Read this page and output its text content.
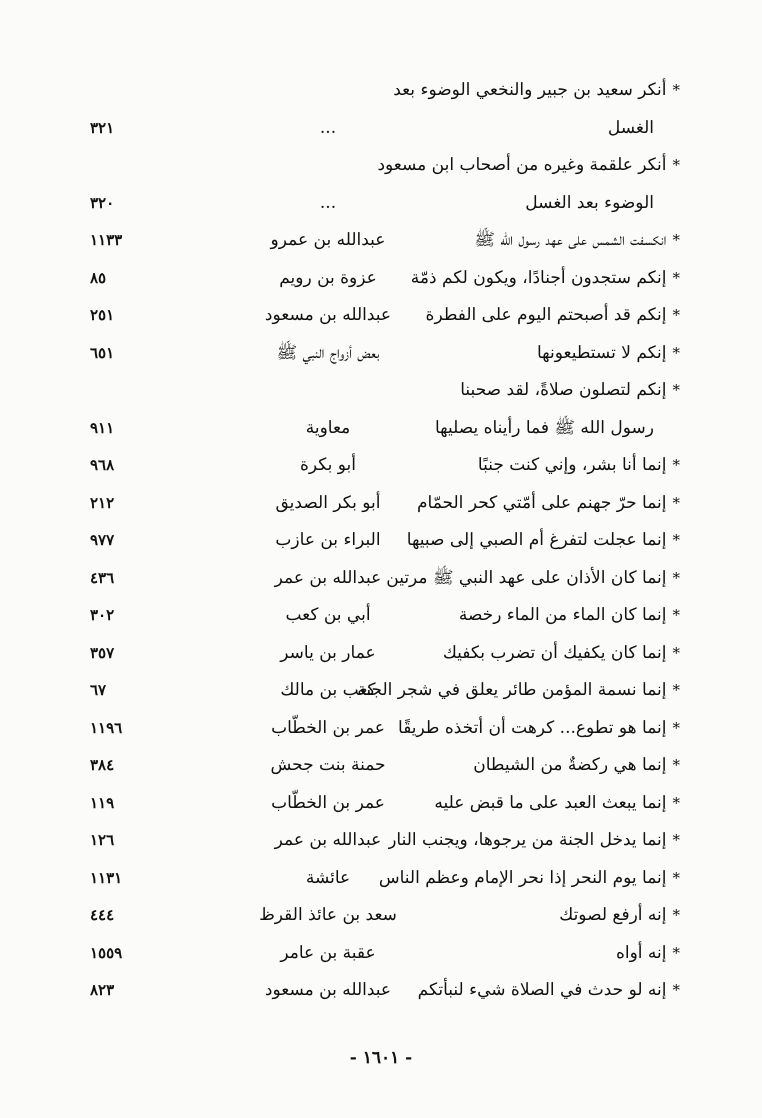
*أنكر سعيد بن جبير والنخعي الوضوء بعد
الغسل
...
٣٢١
*أنكر علقمة وغيره من أصحاب ابن مسعود
الوضوء بعد الغسل
...
٣٢٠
*انكسفت الشمس على عهد رسول الله ﷺ
عبدالله بن عمرو
١١٣٣
*إنكم ستجدون أجنادًا، ويكون لكم ذمّة
عزوة بن رويم
٨٥
*إنكم قد أصبحتم اليوم على الفطرة
عبدالله بن مسعود
٢٥١
*إنكم لا تستطيعونها
بعض أزواج النبي ﷺ
٦٥١
*إنكم لتصلون صلاةً، لقد صحبنا
رسول الله ﷺ فما رأيناه يصليها
معاوية
٩١١
*إنما أنا بشر، وإني كنت جنبًا
أبو بكرة
٩٦٨
*إنما حرّ جهنم على أمّتي كحر الحمّام
أبو بكر الصديق
٢١٢
*إنما عجلت لتفرغ أم الصبي إلى صبيها
البراء بن عازب
٩٧٧
*إنما كان الأذان على عهد النبي ﷺ مرتين
عبدالله بن عمر
٤٣٦
*إنما كان الماء من الماء رخصة
أبي بن كعب
٣٠٢
*إنما كان يكفيك أن تضرب بكفيك
عمار بن ياسر
٣٥٧
*إنما نسمة المؤمن طائر يعلق في شجر الجنة
كعب بن مالك
٦٧
*إنما هو تطوع... كرهت أن أتخذه طريقًا
عمر بن الخطّاب
١١٩٦
*إنما هي ركضةٌ من الشيطان
حمنة بنت جحش
٣٨٤
*إنما يبعث العبد على ما قبض عليه
عمر بن الخطّاب
١١٩
*إنما يدخل الجنة من يرجوها، ويجنب النار
عبدالله بن عمر
١٢٦
*إنما يوم النحر إذا نحر الإمام وعظم الناس
عائشة
١١٣١
*إنه أرفع لصوتك
سعد بن عائذ القرظ
٤٤٤
*إنه أواه
عقبة بن عامر
١٥٥٩
*إنه لو حدث في الصلاة شيء لنبأتكم
عبدالله بن مسعود
٨٢٣
- ١٦٠١ -
